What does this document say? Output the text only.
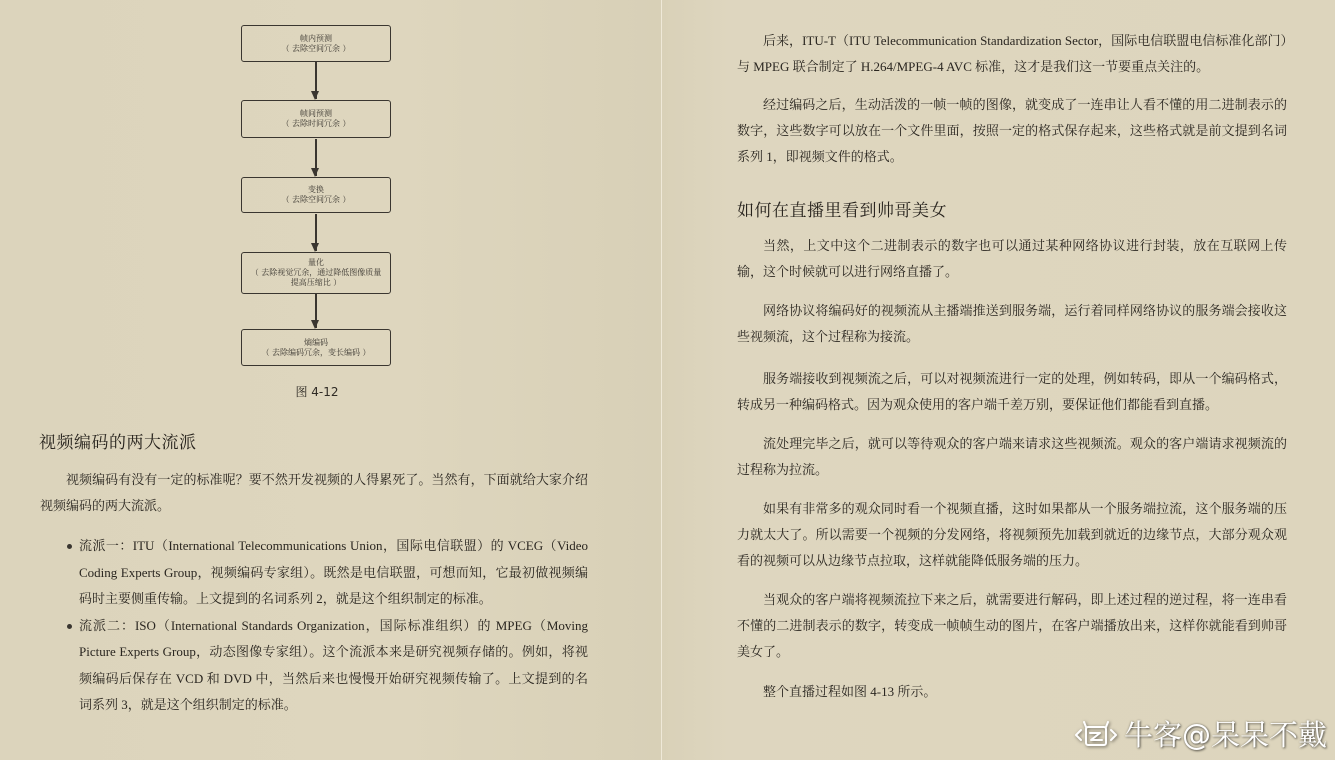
帧内预测
（ 去除空间冗余 ）
帧间预测
（ 去除时间冗余 ）
变换
（ 去除空间冗余 ）
量化
（ 去除视觉冗余，通过降低图像质量提高压缩比 ）
熵编码
（ 去除编码冗余，变长编码 ）
图 4-12
视频编码的两大流派
视频编码有没有一定的标准呢？要不然开发视频的人得累死了。当然有，下面就给大家介绍视频编码的两大流派。
流派一：ITU（International Telecommunications Union，国际电信联盟）的 VCEG（Video Coding Experts Group，视频编码专家组）。既然是电信联盟，可想而知，它最初做视频编码时主要侧重传输。上文提到的名词系列 2，就是这个组织制定的标准。
流派二：ISO（International Standards Organization，国际标准组织）的 MPEG（Moving Picture Experts Group，动态图像专家组）。这个流派本来是研究视频存储的。例如，将视频编码后保存在 VCD 和 DVD 中，当然后来也慢慢开始研究视频传输了。上文提到的名词系列 3，就是这个组织制定的标准。
后来，ITU-T（ITU Telecommunication Standardization Sector，国际电信联盟电信标准化部门）与 MPEG 联合制定了 H.264/MPEG-4 AVC 标准，这才是我们这一节要重点关注的。
经过编码之后，生动活泼的一帧一帧的图像，就变成了一连串让人看不懂的用二进制表示的数字，这些数字可以放在一个文件里面，按照一定的格式保存起来，这些格式就是前文提到名词系列 1，即视频文件的格式。
如何在直播里看到帅哥美女
当然，上文中这个二进制表示的数字也可以通过某种网络协议进行封装，放在互联网上传输，这个时候就可以进行网络直播了。
网络协议将编码好的视频流从主播端推送到服务端，运行着同样网络协议的服务端会接收这些视频流，这个过程称为接流。
服务端接收到视频流之后，可以对视频流进行一定的处理，例如转码，即从一个编码格式，转成另一种编码格式。因为观众使用的客户端千差万别，要保证他们都能看到直播。
流处理完毕之后，就可以等待观众的客户端来请求这些视频流。观众的客户端请求视频流的过程称为拉流。
如果有非常多的观众同时看一个视频直播，这时如果都从一个服务端拉流，这个服务端的压力就太大了。所以需要一个视频的分发网络，将视频预先加载到就近的边缘节点，大部分观众观看的视频可以从边缘节点拉取，这样就能降低服务端的压力。
当观众的客户端将视频流拉下来之后，就需要进行解码，即上述过程的逆过程，将一连串看不懂的二进制表示的数字，转变成一帧帧生动的图片，在客户端播放出来，这样你就能看到帅哥美女了。
整个直播过程如图 4-13 所示。
牛客@呆呆不戴
